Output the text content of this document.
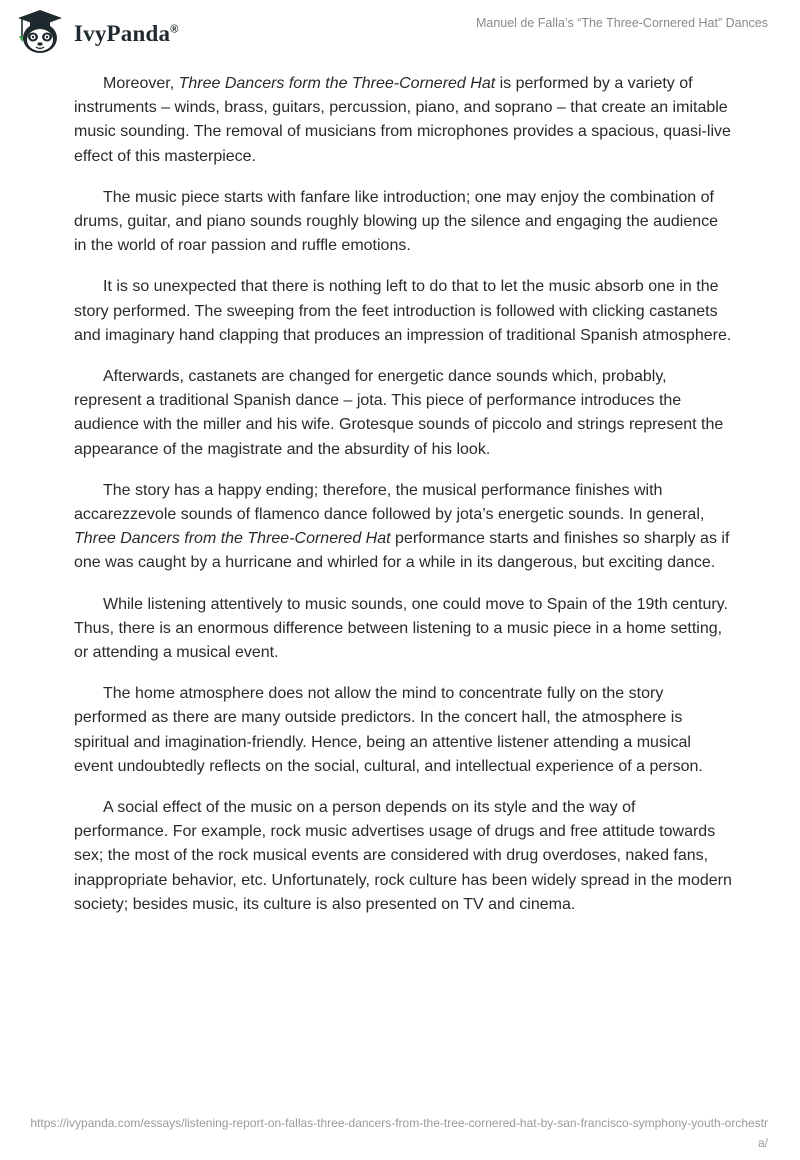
IvyPanda®	Manuel de Falla’s “The Three-Cornered Hat” Dances

Moreover, Three Dancers form the Three-Cornered Hat is performed by a variety of instruments – winds, brass, guitars, percussion, piano, and soprano – that create an imitable music sounding. The removal of musicians from microphones provides a spacious, quasi-live effect of this masterpiece.

The music piece starts with fanfare like introduction; one may enjoy the combination of drums, guitar, and piano sounds roughly blowing up the silence and engaging the audience in the world of roar passion and ruffle emotions.

It is so unexpected that there is nothing left to do that to let the music absorb one in the story performed. The sweeping from the feet introduction is followed with clicking castanets and imaginary hand clapping that produces an impression of traditional Spanish atmosphere.

Afterwards, castanets are changed for energetic dance sounds which, probably, represent a traditional Spanish dance – jota. This piece of performance introduces the audience with the miller and his wife. Grotesque sounds of piccolo and strings represent the appearance of the magistrate and the absurdity of his look.

The story has a happy ending; therefore, the musical performance finishes with accarezzevole sounds of flamenco dance followed by jota’s energetic sounds. In general, Three Dancers from the Three-Cornered Hat performance starts and finishes so sharply as if one was caught by a hurricane and whirled for a while in its dangerous, but exciting dance.

While listening attentively to music sounds, one could move to Spain of the 19th century. Thus, there is an enormous difference between listening to a music piece in a home setting, or attending a musical event.

The home atmosphere does not allow the mind to concentrate fully on the story performed as there are many outside predictors. In the concert hall, the atmosphere is spiritual and imagination-friendly. Hence, being an attentive listener attending a musical event undoubtedly reflects on the social, cultural, and intellectual experience of a person.

A social effect of the music on a person depends on its style and the way of performance. For example, rock music advertises usage of drugs and free attitude towards sex; the most of the rock musical events are considered with drug overdoses, naked fans, inappropriate behavior, etc. Unfortunately, rock culture has been widely spread in the modern society; besides music, its culture is also presented on TV and cinema.

https://ivypanda.com/essays/listening-report-on-fallas-three-dancers-from-the-tree-cornered-hat-by-san-francisco-symphony-youth-orchestra/
